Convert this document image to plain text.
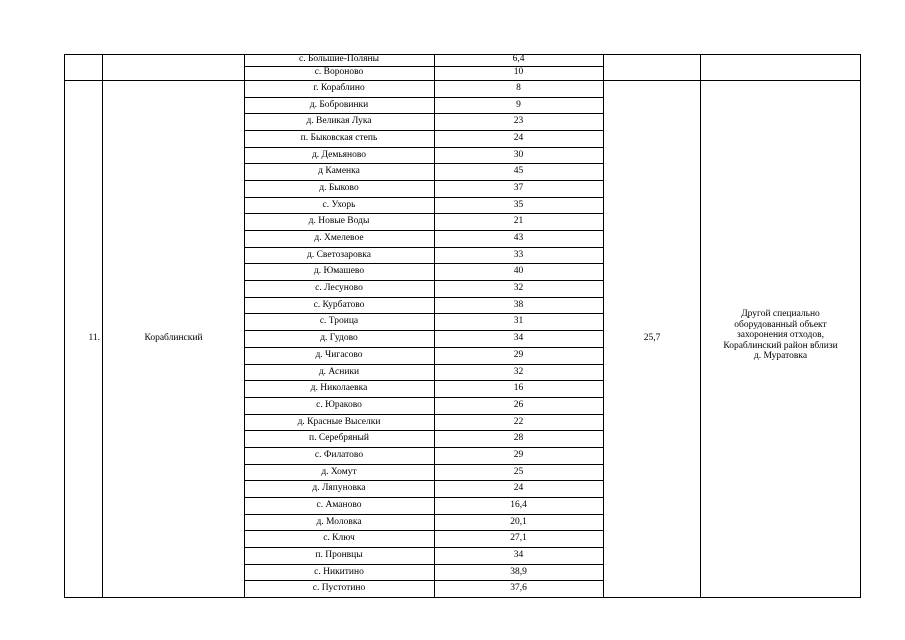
11.	Кораблинский	25,7
Другой специально
оборудованный объект
захоронения отходов,
Кораблинский район вблизи
д. Муратовка
с. Большие-Поляны	6,4
с. Вороново	10
г. Кораблино	8
д. Бобровинки	9
д. Великая Лука	23
п. Быковская степь	24
д. Демьяново	30
д Каменка	45
д. Быково	37
с. Ухорь	35
д. Новые Воды	21
д. Хмелевое	43
д. Светозаровка	33
д. Юмашево	40
с. Лесуново	32
с. Курбатово	38
с. Троица	31
д. Гудово	34
д. Чигасово	29
д. Асники	32
д. Николаевка	16
с. Юраково	26
д. Красные Выселки	22
п. Серебряный	28
с. Филатово	29
д. Хомут	25
д. Ляпуновка	24
с. Аманово	16,4
д. Моловка	20,1
с. Ключ	27,1
п. Пронвцы	34
с. Никитино	38,9
с. Пустотино	37,6
